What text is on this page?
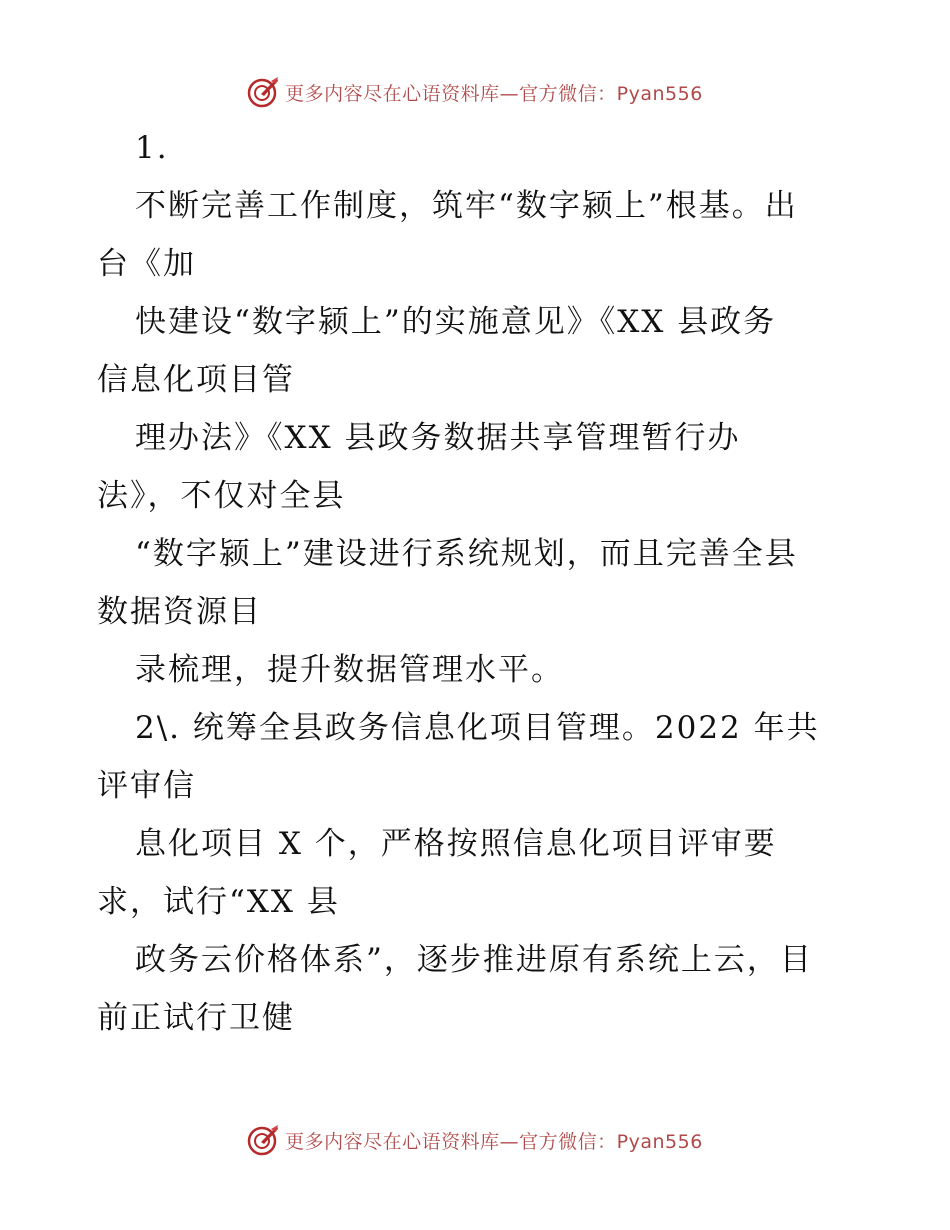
更多内容尽在心语资料库—官方微信：Pyan556
1.
不断完善工作制度，筑牢“数字颍上”根基。出
台《加
快建设“数字颍上”的实施意见》《XX 县政务
信息化项目管
理办法》《XX 县政务数据共享管理暂行办
法》，不仅对全县
“数字颍上”建设进行系统规划，而且完善全县
数据资源目
录梳理，提升数据管理水平。
2\. 统筹全县政务信息化项目管理。2022 年共
评审信
息化项目 X 个，严格按照信息化项目评审要
求，试行“XX 县
政务云价格体系”，逐步推进原有系统上云，目
前正试行卫健
更多内容尽在心语资料库—官方微信：Pyan556
